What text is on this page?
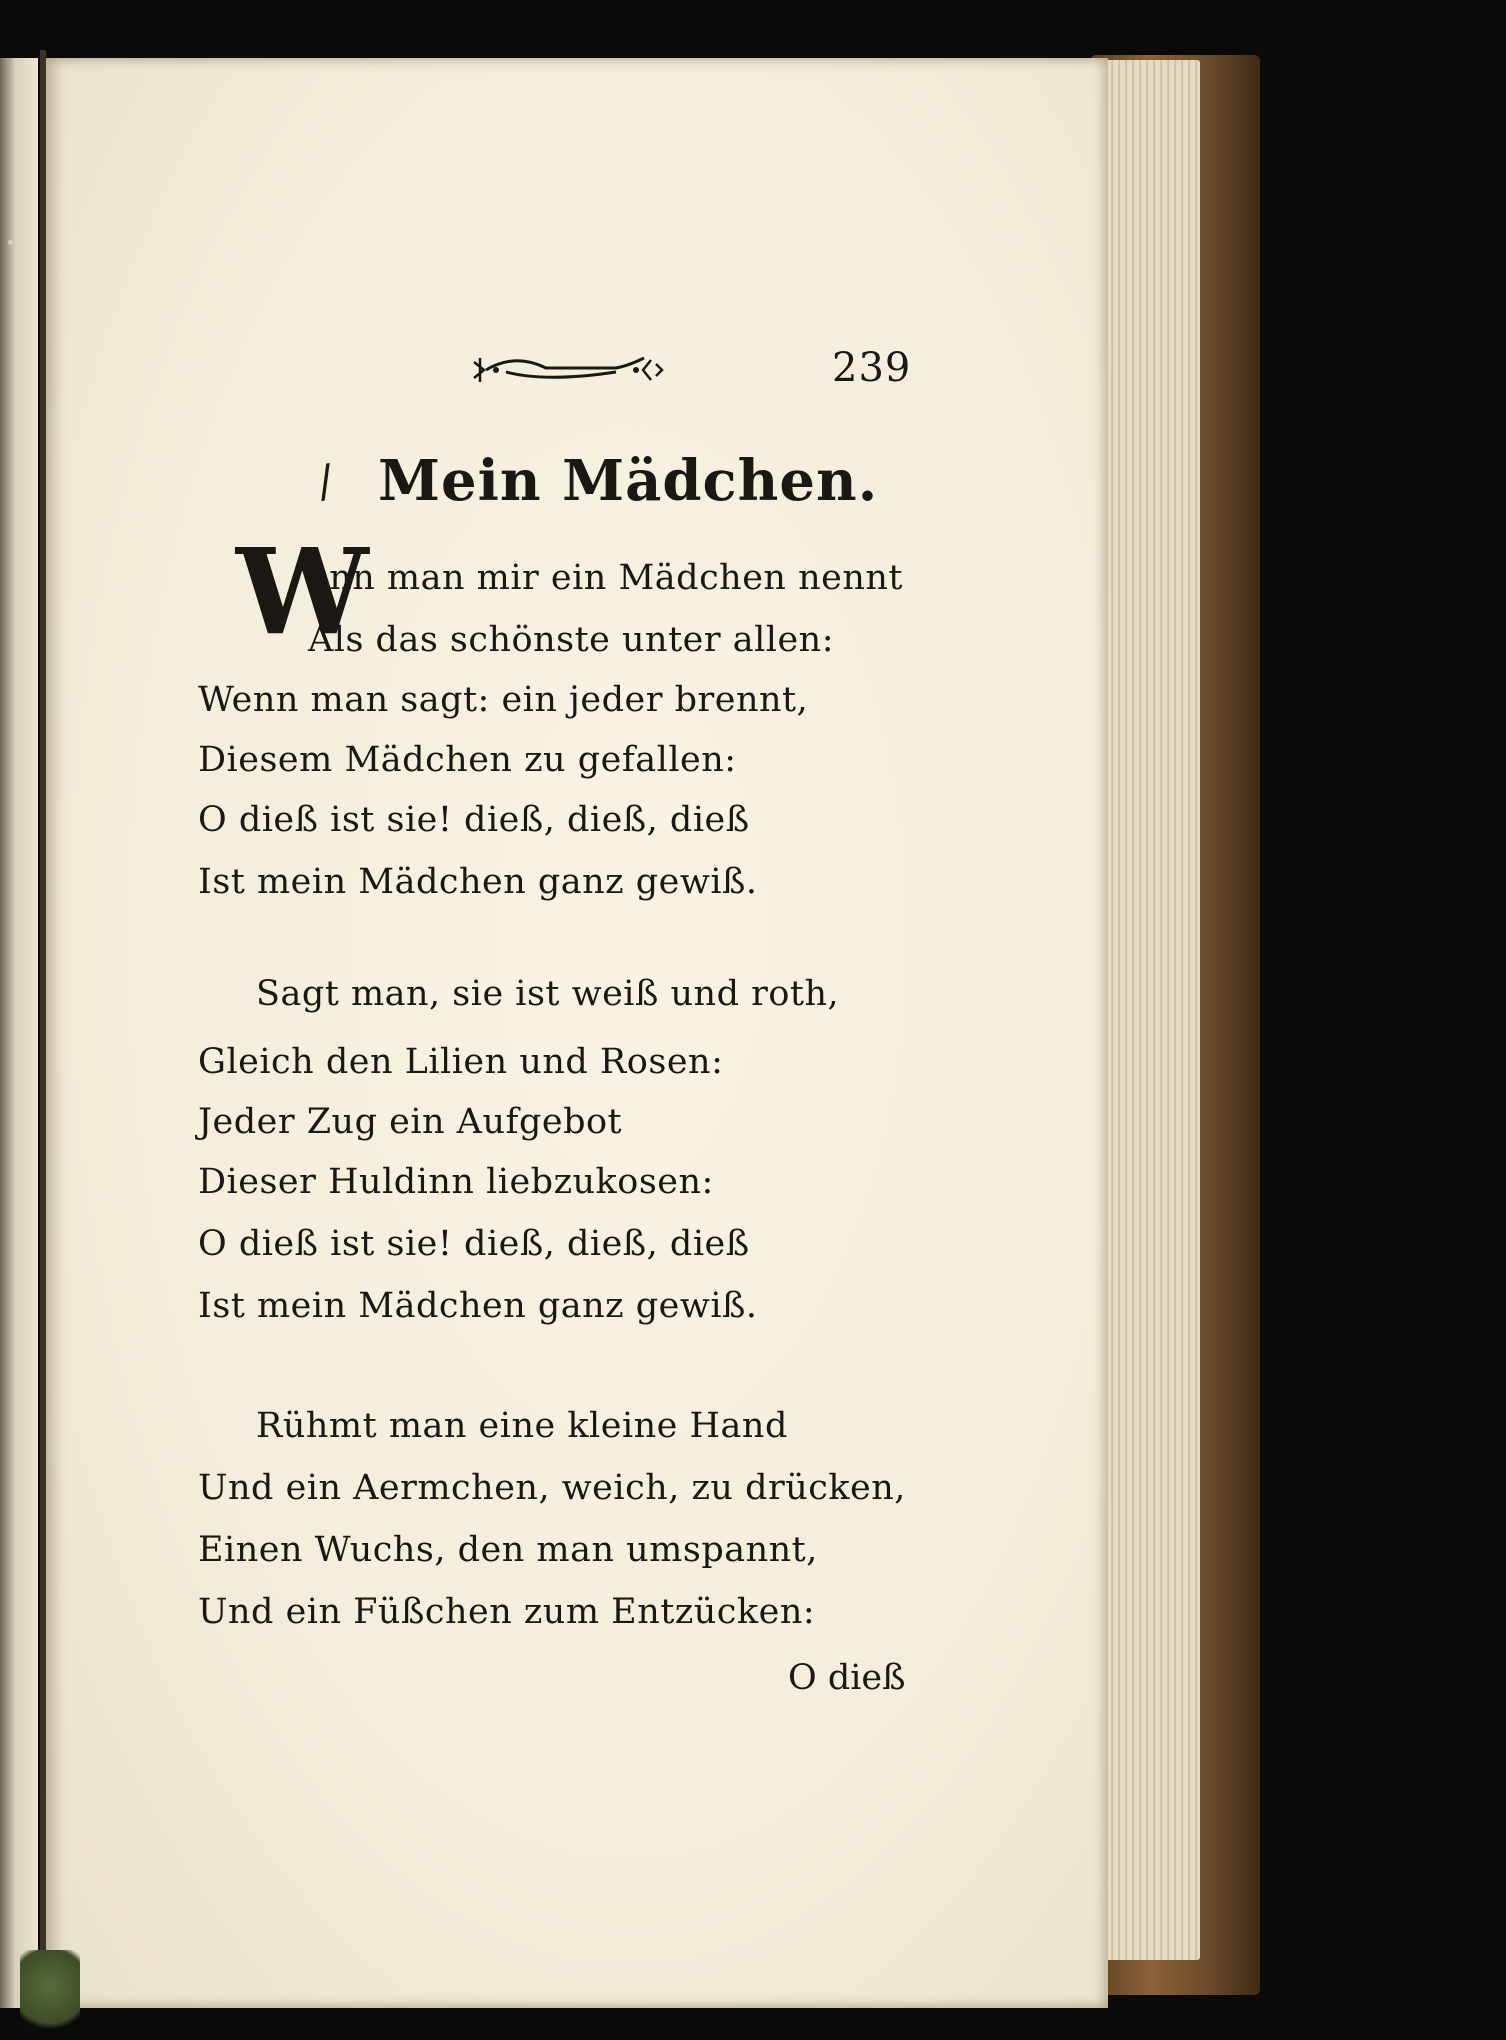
239
/ Mein Mädchen.
W
enn man mir ein Mädchen nennt
Als das schönste unter allen:
Wenn man sagt: ein jeder brennt,
Diesem Mädchen zu gefallen:
O dieß ist sie! dieß, dieß, dieß
Ist mein Mädchen ganz gewiß.
Sagt man, sie ist weiß und roth,
Gleich den Lilien und Rosen:
Jeder Zug ein Aufgebot
Dieser Huldinn liebzukosen:
O dieß ist sie! dieß, dieß, dieß
Ist mein Mädchen ganz gewiß.
Rühmt man eine kleine Hand
Und ein Aermchen, weich, zu drücken,
Einen Wuchs, den man umspannt,
Und ein Füßchen zum Entzücken:
O dieß
